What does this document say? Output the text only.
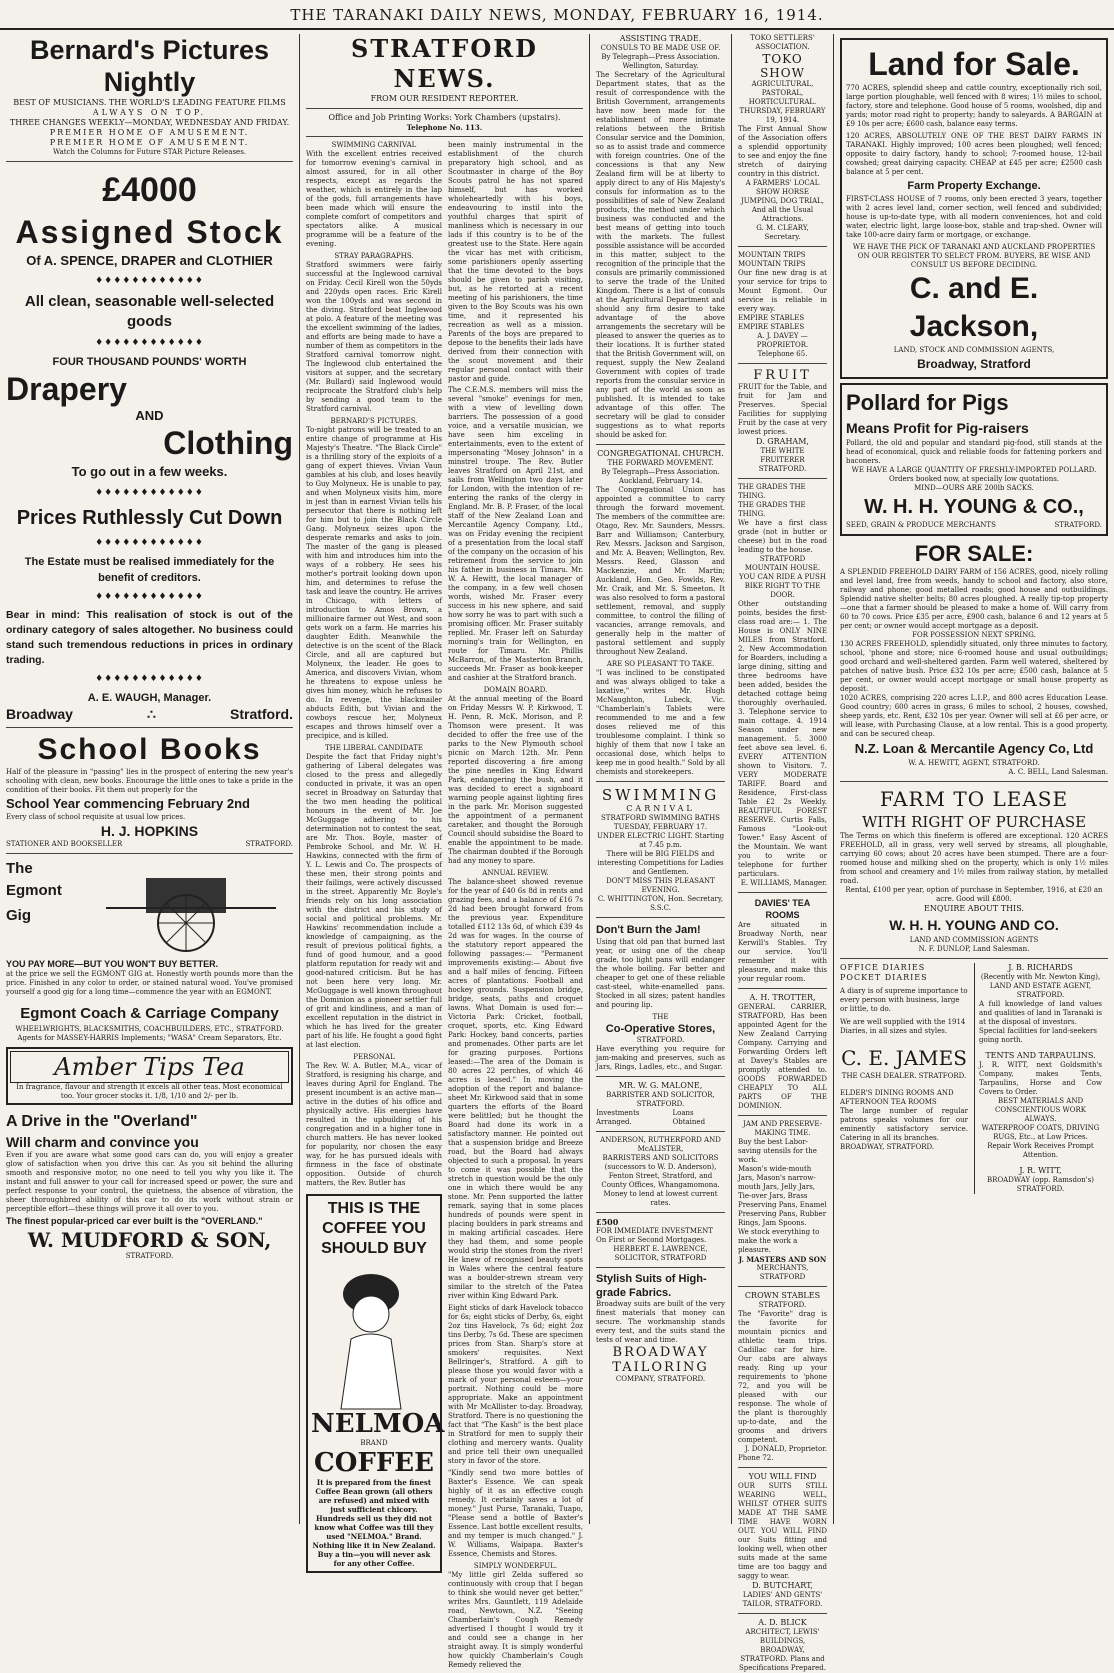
THE TARANAKI DAILY NEWS, MONDAY, FEBRUARY 16, 1914.
Bernard's Pictures Nightly
BEST OF MUSICIANS. THE WORLD'S LEADING FEATURE FILMS
ALWAYS ON TOP.
THREE CHANGES WEEKLY—MONDAY, WEDNESDAY AND FRIDAY.
PREMIER HOME OF AMUSEMENT.
PREMIER HOME OF AMUSEMENT.
Watch the Columns for Future STAR Picture Releases.
£4000
Assigned Stock
Of A. SPENCE, DRAPER and CLOTHIER
♦♦♦♦♦♦♦♦♦♦♦♦
All clean, seasonable well-selected goods
♦♦♦♦♦♦♦♦♦♦♦♦
FOUR THOUSAND POUNDS' WORTH
Drapery
AND
Clothing
To go out in a few weeks.
♦♦♦♦♦♦♦♦♦♦♦♦
Prices Ruthlessly Cut Down
♦♦♦♦♦♦♦♦♦♦♦♦
The Estate must be realised immediately for the benefit of creditors.
♦♦♦♦♦♦♦♦♦♦♦♦
Bear in mind: This realisation of stock is out of the ordinary category of sales altogether. No business could stand such tremendous reductions in prices in ordinary trading.
♦♦♦♦♦♦♦♦♦♦♦♦
A. E. WAUGH, Manager.
Broadway	∴	Stratford.
School Books
Half of the pleasure in "passing" lies in the prospect of entering the new year's schooling with clean, new books. Encourage the little ones to take a pride in the condition of their books. Fit them out properly for the
School Year commencing February 2nd
Every class of school requisite at usual low prices.
H. J. HOPKINS
STATIONER AND BOOKSELLER	STRATFORD.
The
Egmont
Gig
YOU PAY MORE—BUT YOU WON'T BUY BETTER.
at the price we sell the EGMONT GIG at. Honestly worth pounds more than the price. Finished in any color to order, or stained natural wood. You've promised yourself a good gig for a long time—commence the year with an EGMONT.
Egmont Coach & Carriage Company
WHEELWRIGHTS, BLACKSMITHS, COACHBUILDERS, ETC., STRATFORD. Agents for MASSEY-HARRIS Implements; "WASA" Cream Separators, Etc.
Amber Tips Tea
In fragrance, flavour and strength it excels all other teas. Most economical too. Your grocer stocks it. 1/8, 1/10 and 2/- per lb.
A Drive in the "Overland"
Will charm and convince you
Even if you are aware what some good cars can do, you will enjoy a greater glow of satisfaction when you drive this car. As you sit behind the alluring smooth and responsive motor, no one need to tell you why you like it. The instant and full answer to your call for increased speed or power, the sure and perfect response to your control, the quietness, the absence of vibration, the sheer thoroughbred ability of this car to do its work without strain or perceptible effort—these things will prove it all over to you.
The finest popular-priced car ever built is the "OVERLAND."
W. MUDFORD & SON,
STRATFORD.
STRATFORD NEWS.
FROM OUR RESIDENT REPORTER.
Office and Job Printing Works: York Chambers (upstairs).
Telephone No. 113.
SWIMMING CARNIVAL
With the excellent entries received for tomorrow evening's carnival in almost assured, for in all other respects, except as regards the weather, which is entirely in the lap of the gods, full arrangements have been made which will ensure the complete comfort of competitors and spectators alike. A musical programme will be a feature of the evening.
STRAY PARAGRAPHS.
Stratford swimmers were fairly successful at the Inglewood carnival on Friday. Cecil Kirell won the 50yds and 220yds open races. Eric Kirell won the 100yds and was second in the diving. Stratford beat Inglewood at polo. A feature of the meeting was the excellent swimming of the ladies, and efforts are being made to have a number of them as competitors in the Stratford carnival tomorrow night. The Inglewood club entertained the visitors at supper, and the secretary (Mr. Bullard) said Inglewood would reciprocate the Stratford club's help by sending a good team to the Stratford carnival.
BERNARD'S PICTURES.
To-night patrons will be treated to an entire change of programme at His Majesty's Theatre. "The Black Circle" is a thrilling story of the exploits of a gang of expert thieves. Vivian Vaun gambles at his club, and loses heavily to Guy Molyneux. He is unable to pay, and when Molyneux visits him, more in jest than in earnest Vivian tells his persecutor that there is nothing left for him but to join the Black Circle Gang. Molyneux seizes upon the desperate remarks and asks to join. The master of the gang is pleased with him and introduces him into the ways of a robbery. He sees his mother's portrait looking down upon him, and determines to refuse the task and leave the country. He arrives in Chicago, with letters of introduction to Amos Brown, a millionaire farmer out West, and soon gets work on a farm. He marries his daughter Edith. Meanwhile the detective is on the scent of the Black Circle, and all are captured but Molyneux, the leader. He goes to America, and discovers Vivian, whom he threatens to expose unless he gives him money, which he refuses to do. In revenge, the blackmailer abducts Edith, but Vivian and the cowboys rescue her, Molyneux escapes and throws himself over a precipice, and is killed.
THE LIBERAL CANDIDATE
Despite the fact that Friday night's gathering of Liberal delegates was closed to the press and allegedly conducted in private, it was an open secret in Broadway on Saturday that the two men heading the political honours in the event of Mr. Joe McGuggage adhering to his determination not to contest the seat, are Mr. Thos. Boyle, master of Pembroke School, and Mr. W. H. Hawkins, connected with the firm of Y. L. Lewis and Co. The prospects of these men, their strong points and their failings, were actively discussed in the street. Apparently Mr. Boyle's friends rely on his long association with the district and his study of social and political problems. Mr. Hawkins' recommendation include a knowledge of campaigning, as the result of previous political fights, a fund of good humour, and a good platform reputation for ready wit and good-natured criticism. But he has not been here very long. Mr. McGuggage is well known throughout the Dominion as a pioneer settler full of grit and kindliness, and a man of excellent reputation in the district in which he has lived for the greater part of his life. He fought a good fight at last election.
PERSONAL
The Rev. W. A. Butler, M.A., vicar of Stratford, is resigning his charge, and leaves during April for England. The present incumbent is an active man—active in the duties of his office and physically active. His energies have resulted in the upbuilding of his congregation and in a higher tone in church matters. He has never looked for popularity, nor chosen the easy way, for he has pursued ideals with firmness in the face of obstinate opposition. Outside of church matters, the Rev. Butler has
THIS IS THE COFFEE YOU SHOULD BUY
NELMOA
BRAND
COFFEE
It is prepared from the finest Coffee Bean grown (all others are refused) and mixed with just sufficient chicory. Hundreds sell us they did not know what Coffee was till they used "NELMOA." Brand. Nothing like it in New Zealand. Buy a tin—you will never ask for any other Coffee.
been mainly instrumental in the establishment of the church preparatory high school, and as Scoutmaster in charge of the Boy Scouts patrol he has not spared himself, but has worked wholeheartedly with his boys, endeavouring to instil into the youthful charges that spirit of manliness which is necessary in our lads if this country is to be of the greatest use to the State. Here again the vicar has met with criticism, some parishioners openly asserting that the time devoted to the boys should be given to parish visiting, but, as he retorted at a recent meeting of his parishioners, the time given to the Boy Scouts was his own time, and it represented his recreation as well as a mission. Parents of the boys are prepared to depose to the benefits their lads have derived from their connection with the scout movement and their regular personal contact with their pastor and guide.
The C.E.M.S. members will miss the several "smoke" evenings for men, with a view of levelling down barriers. The possession of a good voice, and a versatile musician, we have seen him exceling in entertainments, even to the extent of impersonating "Mosey Johnson" in a minstrel troupe. The Rev. Butler leaves Stratford on April 21st, and sails from Wellington two days later for London, with the intention of re-entering the ranks of the clergy in England. Mr. B. P. Fraser, of the local staff of the New Zealand Loan and Mercantile Agency Company, Ltd., was on Friday evening the recipient of a presentation from the local staff of the company on the occasion of his retirement from the service to join his father in business in Timaru. Mr. W. A. Hewitt, the local manager of the company, in a few well chosen words, wished Mr. Fraser every success in his new sphere, and said how sorry he was to part with such a promising officer. Mr. Fraser suitably replied. Mr. Fraser left on Saturday morning's train for Wellington, en route for Timaru. Mr. Phillis McBarron, of the Masterton Branch, succeeds Mr. Fraser as book-keeper and cashier at the Stratford branch.
DOMAIN BOARD.
At the annual meeting of the Board on Friday Messrs W. P. Kirkwood, T. H. Penn, R. McK. Morison, and P. Thomson were present. It was decided to offer the free use of the parks to the New Plymouth school picnic on March 12th. Mr. Penn reported discovering a fire among the pine needles in King Edward Park, endangering the bush, and it was decided to erect a signboard warning people against lighting fires in the park. Mr. Morison suggested the appointment of a permanent caretaker, and thought the Borough Council should subsidise the Board to enable the appointment to be made. The chairman doubted if the Borough had any money to spare.
ANNUAL REVIEW.
The balance-sheet showed revenue for the year of £40 6s 8d in rents and grazing fees, and a balance of £16 7s 2d had been brought forward from the previous year. Expenditure totalled £112 13s 6d, of which £39 4s 2d was for wages. In the course of the statutory report appeared the following passages:— "Permanent improvements existing:— About five and a half miles of fencing. Fifteen acres of plantations. Football and hockey grounds. Suspension bridge, bridge, seats, paths and croquet lawns. What Domain is used for:—Victoria Park: Cricket, football, croquet, sports, etc. King Edward Park: Hockey, band concerts, parties and promenades. Other parts are let for grazing purposes. Portions leased:—The area of the Domain is 80 acres 22 perches, of which 46 acres is leased." In moving the adoption of the report and balance-sheet Mr. Kirkwood said that in some quarters the efforts of the Board were belittled; but he thought the Board had done its work in a satisfactory manner. He pointed out that a suspension bridge and Breeze road, but the Board had always objected to such a proposal. In years to come it was possible that the stretch in question would be the only one in which there would be any stone. Mr. Penn supported the latter remark, saying that in some places hundreds of pounds were spent in placing boulders in park streams and in making artificial cascades. Here they had them, and some people would strip the stones from the river! He knew of recognised beauty spots in Wales where the central feature was a boulder-strewn stream very similar to the stretch of the Patea river within King Edward Park.
Eight sticks of dark Havelock tobacco for 6s; eight sticks of Derby, 6s, eight 2oz tins Havelock, 7s 6d; eight 2oz tins Derby, 7s 6d. These are specimen prices from Stan. Sharp's store at smokers' requisites. Next Bellringer's, Stratford. A gift to please those you would favor with a mark of your personal esteem—your portrait. Nothing could be more appropriate. Make an appointment with Mr McAllister to-day. Broadway, Stratford. There is no questioning the fact that "The Kash" is the best place in Stratford for men to supply their clothing and mercery wants. Quality and price tell their own unequalled story in favor of the store.
"Kindly send two more bottles of Baxter's Essence. We can speak highly of it as an effective cough remedy. It certainly saves a lot of money." Just Purse, Taranaki, Tuapo, "Please send a bottle of Baxter's Essence. Last bottle excellent results, and my temper is much changed." J. W. Williams, Waipapa. Baxter's Essence, Chemists and Stores.
SIMPLY WONDERFUL.
"My little girl Zelda suffered so continuously with croup that I began to think she would never get better," writes Mrs. Gauntlett, 119 Adelaide road, Newtown, N.Z. "Seeing Chamberlain's Cough Remedy advertised I thought I would try it and could see a change in her straight away. It is simply wonderful how quickly Chamberlain's Cough Remedy relieved the
ASSISTING TRADE.
CONSULS TO BE MADE USE OF.
By Telegraph—Press Association. Wellington, Saturday.
The Secretary of the Agricultural Department states, that as the result of correspondence with the British Government, arrangements have now been made for the establishment of more intimate relations between the British Consular service and the Dominion, so as to assist trade and commerce with foreign countries. One of the concessions is that any New Zealand firm will be at liberty to apply direct to any of His Majesty's consuls for information as to the possibilities of sale of New Zealand products, the method under which business was conducted and the best means of getting into touch with the markets. The fullest possible assistance will be accorded in this matter, subject to the recognition of the principle that the consuls are primarily commissioned to serve the trade of the United Kingdom. There is a list of consuls at the Agricultural Department and should any firm desire to take advantage of the above arrangements the secretary will be pleased to answer the queries as to their locations. It is further stated that the British Government will, on request, supply the New Zealand Government with copies of trade reports from the consular service in any part of the world as soon as published. It is intended to take advantage of this offer. The secretary will be glad to consider suggestions as to what reports should be asked for.
CONGREGATIONAL CHURCH.
THE FORWARD MOVEMENT.
By Telegraph—Press Association. Auckland, February 14.
The Congregational Union has appointed a committee to carry through the forward movement. The members of the committee are: Otago, Rev. Mr. Saunders, Messrs. Barr and Williamson; Canterbury, Rev. Messrs. Jackson and Sargison, and Mr. A. Beaven; Wellington, Rev. Messrs. Reed, Glasson and Mackenzie, and Mr. Martin; Auckland, Hon. Geo. Fowlds, Rev. Mr. Craik, and Mr. S. Smeeton. It was also resolved to form a pastoral settlement, removal, and supply committee, to control the filling of vacancies, arrange removals, and generally help in the matter of pastoral settlement and supply throughout New Zealand.
ARE SO PLEASANT TO TAKE.
"I was inclined to be constipated and was always obliged to take a laxative," writes Mr. Hugh McNaughton, Lubeck, Vic. "Chamberlain's Tablets were recommended to me and a few doses relieved me of this troublesome complaint. I think so highly of them that now I take an occasional dose, which helps to keep me in good health." Sold by all chemists and storekeepers.
SWIMMING
CARNIVAL
STRATFORD SWIMMING BATHS
TUESDAY, FEBRUARY 17.
UNDER ELECTRIC LIGHT. Starting at 7.45 p.m.
There will be BIG FIELDS and interesting Competitions for Ladies and Gentlemen.
DON'T MISS THIS PLEASANT EVENING.
C. WHITTINGTON, Hon. Secretary, S.S.C.
Don't Burn the Jam!
Using that old pan that burned last year, or using one of the cheap grade, too light pans will endanger the whole boiling. Far better and cheaper to get one of these reliable cast-steel, white-enamelled pans. Stocked in all sizes; patent handles and pouring lip.
THE
Co-Operative Stores,
STRATFORD.
Have everything you require for jam-making and preserves, such as Jars, Rings, Ladles, etc., and Sugar.
MR. W. G. MALONE,
BARRISTER AND SOLICITOR, STRATFORD.
Investments Arranged.
Loans Obtained
ANDERSON, RUTHERFORD AND McALISTER,
BARRISTERS AND SOLICITORS (successors to W. D. Anderson), Fenton Street, Stratford, and County Offices, Whangamomona. Money to lend at lowest current rates.
£500
FOR IMMEDIATE INVESTMENT On First or Second Mortgages.
HERBERT E. LAWRENCE, SOLICITOR, STRATFORD
Stylish Suits of High-grade Fabrics.
Broadway suits are built of the very finest materials that money can secure. The workmanship stands every test, and the suits stand the tests of wear and time.
BROADWAY
TAILORING
COMPANY, STRATFORD.
TOKO SETTLERS' ASSOCIATION.
TOKO SHOW
AGRICULTURAL, PASTORAL, HORTICULTURAL.
THURSDAY, FEBRUARY 19, 1914.
The First Annual Show of the Association offers a splendid opportunity to see and enjoy the fine stretch of dairying country in this district.
A FARMERS' LOCAL SHOW HORSE JUMPING, DOG TRIAL, And all the Usual Attractions.
G. M. CLEARY, Secretary.
MOUNTAIN TRIPS
MOUNTAIN TRIPS
Our fine new drag is at your service for trips to Mount Egmont. Our service is reliable in every way.
EMPIRE STABLES
EMPIRE STABLES
A. J. DAVEY — PROPRIETOR. Telephone 65.
FRUIT
FRUIT for the Table, and fruit for Jam and Preserves. Special Facilities for supplying Fruit by the case at very lowest prices.
D. GRAHAM,
THE WHITE FRUITERER STRATFORD.
THE GRADES THE THING.
THE GRADES THE THING.
We have a first class grade (not in butter or cheese) but in the road leading to the house.
STRATFORD MOUNTAIN HOUSE. YOU CAN RIDE A PUSH BIKE RIGHT TO THE DOOR.
Other outstanding points, besides the first-class road are:— 1. The House is ONLY NINE MILES from Stratford. 2. New Accommodation for Boarders, including a large dining, sitting and three bedrooms have been added, besides the detached cottage being thoroughly overhauled. 3. Telephone service to main cottage. 4. 1914 Season under new management. 5. 3000 feet above sea level. 6. EVERY ATTENTION shown to Visitors. 7. VERY MODERATE TARIFF. Board and Residence, First-class Table £2 2s Weekly. BEAUTIFUL FOREST RESERVE. Curtis Falls, Famous "Look-out Tower." Easy Ascent of the Mountain. We want you to write or telephone for further particulars.
E. WILLIAMS, Manager.
DAVIES' TEA ROOMS
Are situated in Broadway North, near Kerwill's Stables. Try our service. You'll remember it with pleasure, and make this your regular room.
A. H. TROTTER,
GENERAL CARRIER, STRATFORD, Has been appointed Agent for the New Zealand Carrying Company. Carrying and Forwarding Orders left at Davey's Stables are promptly attended to. GOODS FORWARDED CHEAPLY TO ALL PARTS OF THE DOMINION.
JAM AND PRESERVE-MAKING TIME.
Buy the best Labor-saving utensils for the work.
Mason's wide-mouth Jars, Mason's narrow-mouth Jars, Jelly Jars, Tie-over Jars, Brass Preserving Pans, Enamel Preserving Pans, Rubber Rings, Jam Spoons.
We stock everything to make the work a pleasure.
J. MASTERS AND SON
MERCHANTS, STRATFORD
CROWN STABLES
STRATFORD.
The "Favorite" drag is the favorite for mountain picnics and athletic team trips. Cadillac car for hire. Our cabs are always ready. Ring up your requirements to 'phone 72, and you will be pleased with our response. The whole of the plant is thoroughly up-to-date, and the grooms and drivers competent.
J. DONALD, Proprietor.
Phone 72.
YOU WILL FIND
OUR SUITS STILL WEARING WELL, WHILST OTHER SUITS MADE AT THE SAME TIME HAVE WORN OUT. YOU WILL FIND our Suits fitting and looking well, when other suits made at the same time are too baggy and saggy to wear.
D. BUTCHART,
LADIES' AND GENTS' TAILOR, STRATFORD.
A. D. BLICK
ARCHITECT, LEWIS' BUILDINGS, BROADWAY, STRATFORD. Plans and Specifications Prepared.
Land for Sale.
770 ACRES, splendid sheep and cattle country, exceptionally rich soil, large portion ploughable, well fenced with 8 wires; 1½ miles to school, factory, store and telephone. Good house of 5 rooms, woolshed, dip and yards; motor road right to property; handy to saleyards. A BARGAIN at £9 10s per acre; £600 cash, balance easy terms.
120 ACRES, ABSOLUTELY ONE OF THE BEST DAIRY FARMS IN TARANAKI. Highly improved; 100 acres been ploughed; well fenced; opposite to dairy factory, handy to school; 7-roomed house, 12-bail cowshed; great dairying capacity. CHEAP at £45 per acre; £2500 cash balance at 5 per cent.
Farm Property Exchange.
FIRST-CLASS HOUSE of 7 rooms, only been erected 3 years, together with 2 acres level land, corner section, well fenced and subdivided; house is up-to-date type, with all modern conveniences, hot and cold water, electric light, large loose-box, stable and trap-shed. Owner will take 100-acre dairy farm or mortgage, or exchange.
WE HAVE THE PICK OF TARANAKI AND AUCKLAND PROPERTIES ON OUR REGISTER TO SELECT FROM. BUYERS, BE WISE AND CONSULT US BEFORE DECIDING.
C. and E. Jackson,
LAND, STOCK AND COMMISSION AGENTS,
Broadway, Stratford
Pollard for Pigs
Means Profit for Pig-raisers
Pollard, the old and popular and standard pig-food, still stands at the head of economical, quick and reliable foods for fattening porkers and baconers.
WE HAVE A LARGE QUANTITY OF FRESHLY-IMPORTED POLLARD.
Orders booked now, at specially low quotations.
MIND—OURS ARE 200lb SACKS.
W. H. H. YOUNG & CO.,
SEED, GRAIN & PRODUCE MERCHANTS	STRATFORD.
FOR SALE:
A SPLENDID FREEHOLD DAIRY FARM of 156 ACRES, good, nicely rolling and level land, free from weeds, handy to school and factory, also store, railway and phone; good metalled roads; good house and outbuildings. Splendid native shelter belts; 80 acres ploughed. A really tip-top property —one that a farmer should be pleased to make a home of. Will carry from 60 to 70 cows. Price £35 per acre, £900 cash, balance 6 and 12 years at 5 per cent; or owner would accept mortgage as a deposit.
FOR POSSESSION NEXT SPRING.
130 ACRES FREEHOLD, splendidly situated, only three minutes to factory, school, 'phone and store; nice 6-roomed house and usual outbuildings; good orchard and well-sheltered garden. Farm well watered, sheltered by patches of native bush. Price £32 10s per acre; £500 cash, balance at 5 per cent, or owner would accept mortgage or small house property as deposit.
1020 ACRES, comprising 220 acres L.I.P., and 800 acres Education Lease. Good country; 600 acres in grass, 6 miles to school, 2 houses, cowshed, sheep yards, etc. Rent, £32 10s per year. Owner will sell at £6 per acre, or will lease, with Purchasing Clause, at a low rental. This is a good property, and can be secured cheap.
N.Z. Loan & Mercantile Agency Co, Ltd
W. A. HEWITT, AGENT, STRATFORD.
A. C. BELL, Land Salesman.
FARM TO LEASE
WITH RIGHT OF PURCHASE
The Terms on which this fineferm is offered are exceptional. 120 ACRES FREEHOLD, all in grass, very well served by streams, all ploughable, carrying 60 cows; about 20 acres have been stumped. There are a four-roomed house and milking shed on the property, which is only 1½ miles from school and creamery and 1½ miles from railway station, by metalled road.
Rental, £100 per year, option of purchase in September, 1916, at £20 an acre. Good will £800.
ENQUIRE ABOUT THIS.
W. H. H. YOUNG AND CO.
LAND AND COMMISSION AGENTS
N. F. DUNLOP, Land Salesman.
OFFICE DIARIES
POCKET DIARIES
A diary is of supreme importance to every person with business, large or little, to do.
We are well supplied with the 1914 Diaries, in all sizes and styles.
C. E. JAMES
THE CASH DEALER. STRATFORD.
ELDER'S DINING ROOMS AND AFTERNOON TEA ROOMS
The large number of regular patrons speaks volumes for our eminently satisfactory service. Catering in all its branches.
BROADWAY, STRATFORD.
J. B. RICHARDS
(Recently with Mr. Newton King), LAND AND ESTATE AGENT, STRATFORD.
A full knowledge of land values and qualities of land in Taranaki is at the disposal of investors.
Special facilities for land-seekers going north.
TENTS AND TARPAULINS.
J. R. WITT, next Goldsmith's Company, makes Tents, Tarpaulins, Horse and Cow Covers to Order.
BEST MATERIALS AND CONSCIENTIOUS WORK ALWAYS.
WATERPROOF COATS, DRIVING RUGS, Etc., at Low Prices.
Repair Work Receives Prompt Attention.
J. R. WITT,
BROADWAY (opp. Ramsdon's) STRATFORD.
